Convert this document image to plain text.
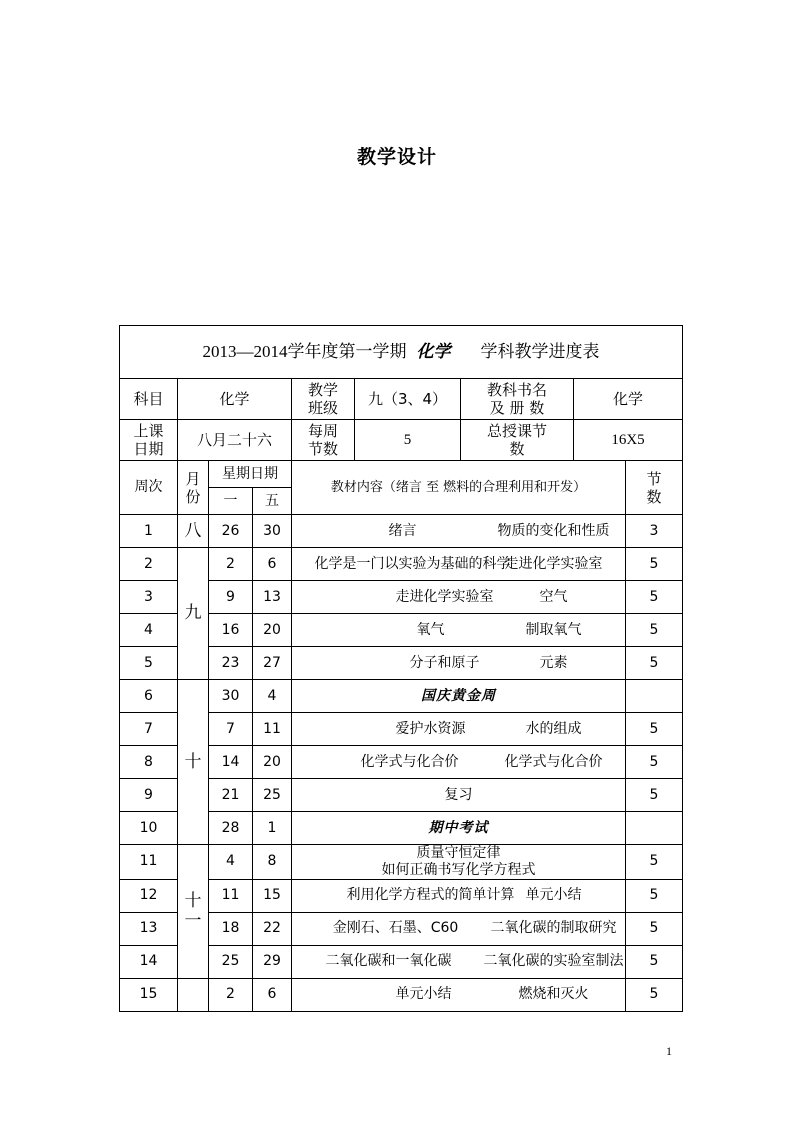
教学设计
2013—2014学年度第一学期 化学 学科教学进度表								
科目	化学			教学班级	九（3、4）	教科书名及 册 数	化学	
上课日期	八月二十六			每周节数	5	总授课节数	16X5	
周次	月份	星期日期		教材内容（绪言 至 燃料的合理利用和开发）				节数
		一	五					
1	八	26	30	绪言 物质的变化和性质				3
2	九	2	6	化学是一门以实验为基础的科学走进化学实验室				5
3		9	13	走进化学实验室 空气				5
4		16	20	氧气 制取氧气				5
5		23	27	分子和原子 元素				5
6	十	30	4	国庆黄金周				
7		7	11	爱护水资源 水的组成				5
8		14	20	化学式与化合价 化学式与化合价				5
9		21	25	复习				5
10		28	1	期中考试				
11	十一	4	8	质量守恒定律如何正确书写化学方程式				5
12		11	15	利用化学方程式的简单计算 单元小结				5
13		18	22	金刚石、石墨、C60 二氧化碳的制取研究				5
14		25	29	二氧化碳和一氧化碳 二氧化碳的实验室制法				5
15		2	6	单元小结 燃烧和灭火				5
1
